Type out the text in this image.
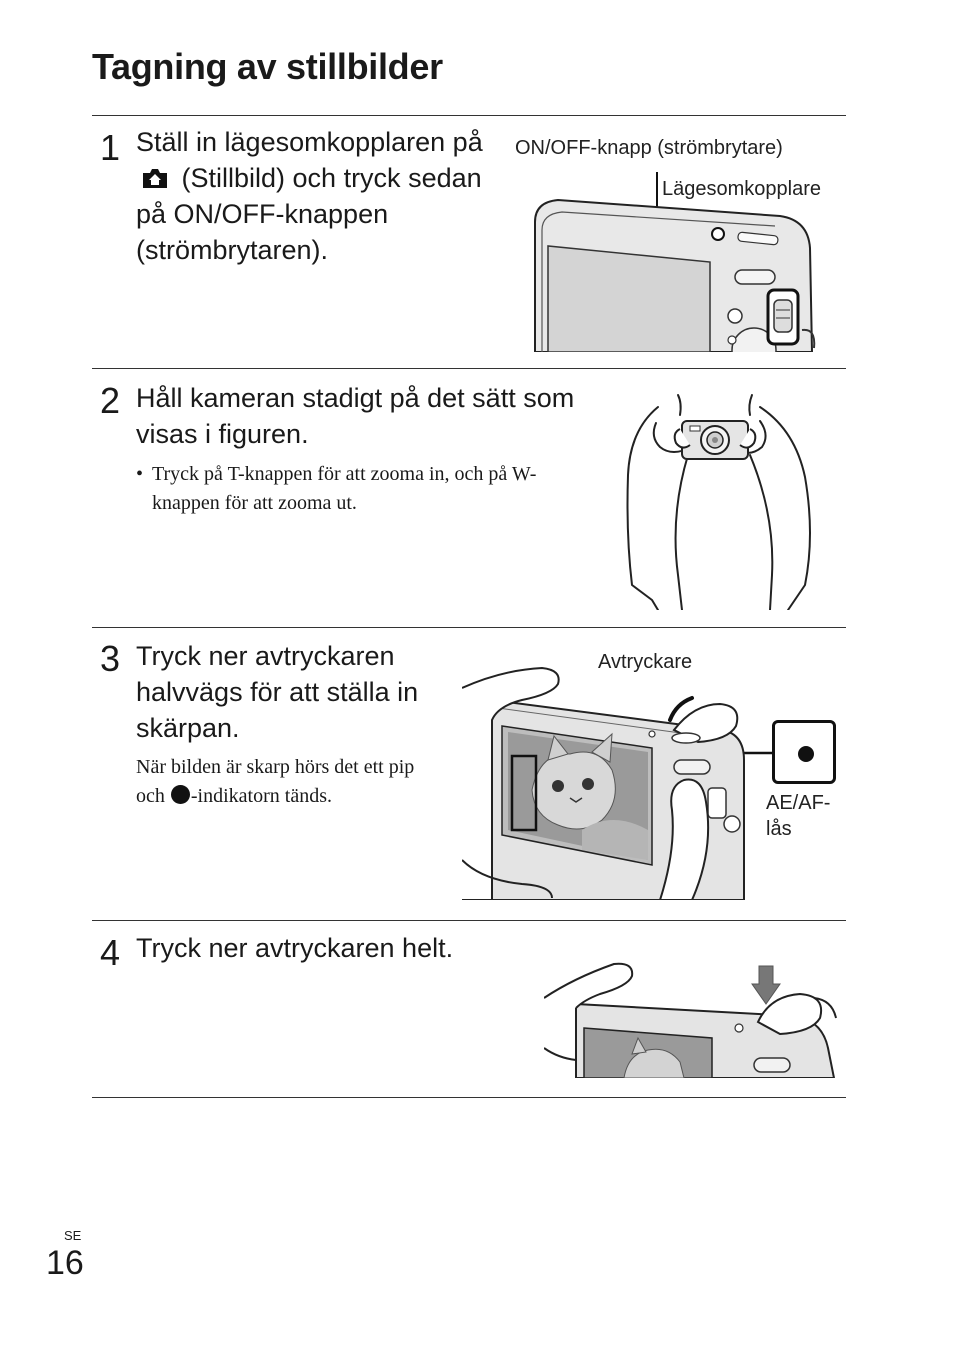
Tagning av stillbilder
1 Ställ in lägesomkopplaren på  (Stillbild) och tryck sedan på ON/OFF-knappen (strömbrytaren).
ON/OFF-knapp (strömbrytare)
Lägesomkopplare
2 Håll kameran stadigt på det sätt som visas i figuren.
• Tryck på T-knappen för att zooma in, och på W-knappen för att zooma ut.
3 Tryck ner avtryckaren halvvägs för att ställa in skärpan.
När bilden är skarp hörs det ett pip och -indikatorn tänds.
Avtryckare
AE/AF-lås
4 Tryck ner avtryckaren helt.
SE
16
